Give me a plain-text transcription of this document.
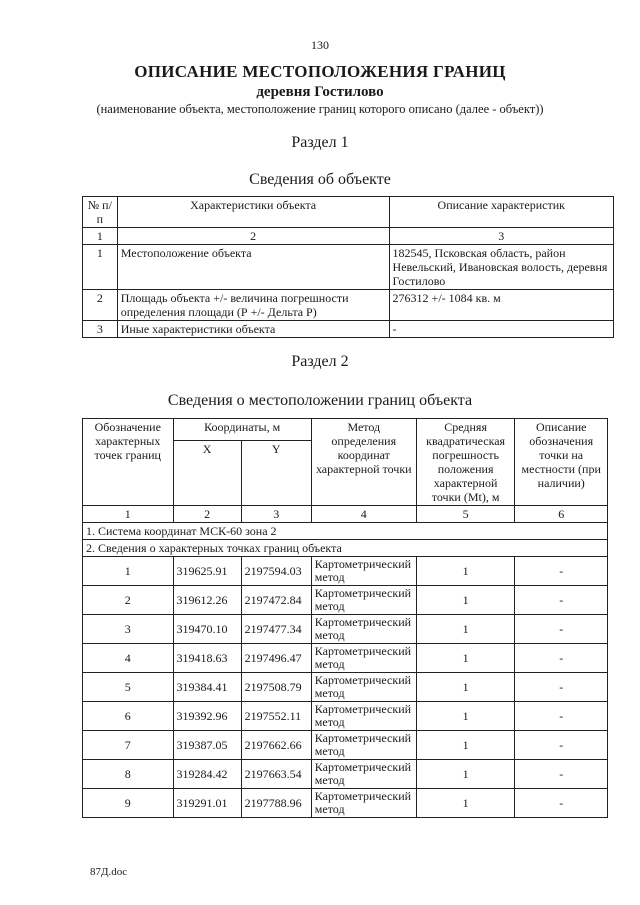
130
ОПИСАНИЕ МЕСТОПОЛОЖЕНИЯ ГРАНИЦ
деревня Гостилово
(наименование объекта, местоположение границ которого описано (далее - объект))
Раздел 1
Сведения об объекте
№ п/п	Характеристики объекта	Описание характеристик
1	2	3
1	Местоположение объекта	182545, Псковская область, район Невельский, Ивановская волость, деревня Гостилово
2	Площадь объекта +/- величина погрешности определения площади (Р +/- Дельта Р)	276312 +/- 1084 кв. м
3	Иные характеристики объекта	-
Раздел 2
Сведения о местоположении границ объекта
Обозначение характерных точек границ	Координаты, м		Метод определения координат характерной точки	Средняя квадратическая погрешность положения характерной точки (Mt), м	Описание обозначения точки на местности (при наличии)
	X	Y			
1	2	3	4	5	6
1. Система координат МСК-60 зона 2					
2. Сведения о характерных точках границ объекта					
1	319625.91	2197594.03	Картометрический метод	1	-
2	319612.26	2197472.84	Картометрический метод	1	-
3	319470.10	2197477.34	Картометрический метод	1	-
4	319418.63	2197496.47	Картометрический метод	1	-
5	319384.41	2197508.79	Картометрический метод	1	-
6	319392.96	2197552.11	Картометрический метод	1	-
7	319387.05	2197662.66	Картометрический метод	1	-
8	319284.42	2197663.54	Картометрический метод	1	-
9	319291.01	2197788.96	Картометрический метод	1	-
87Д.doc
